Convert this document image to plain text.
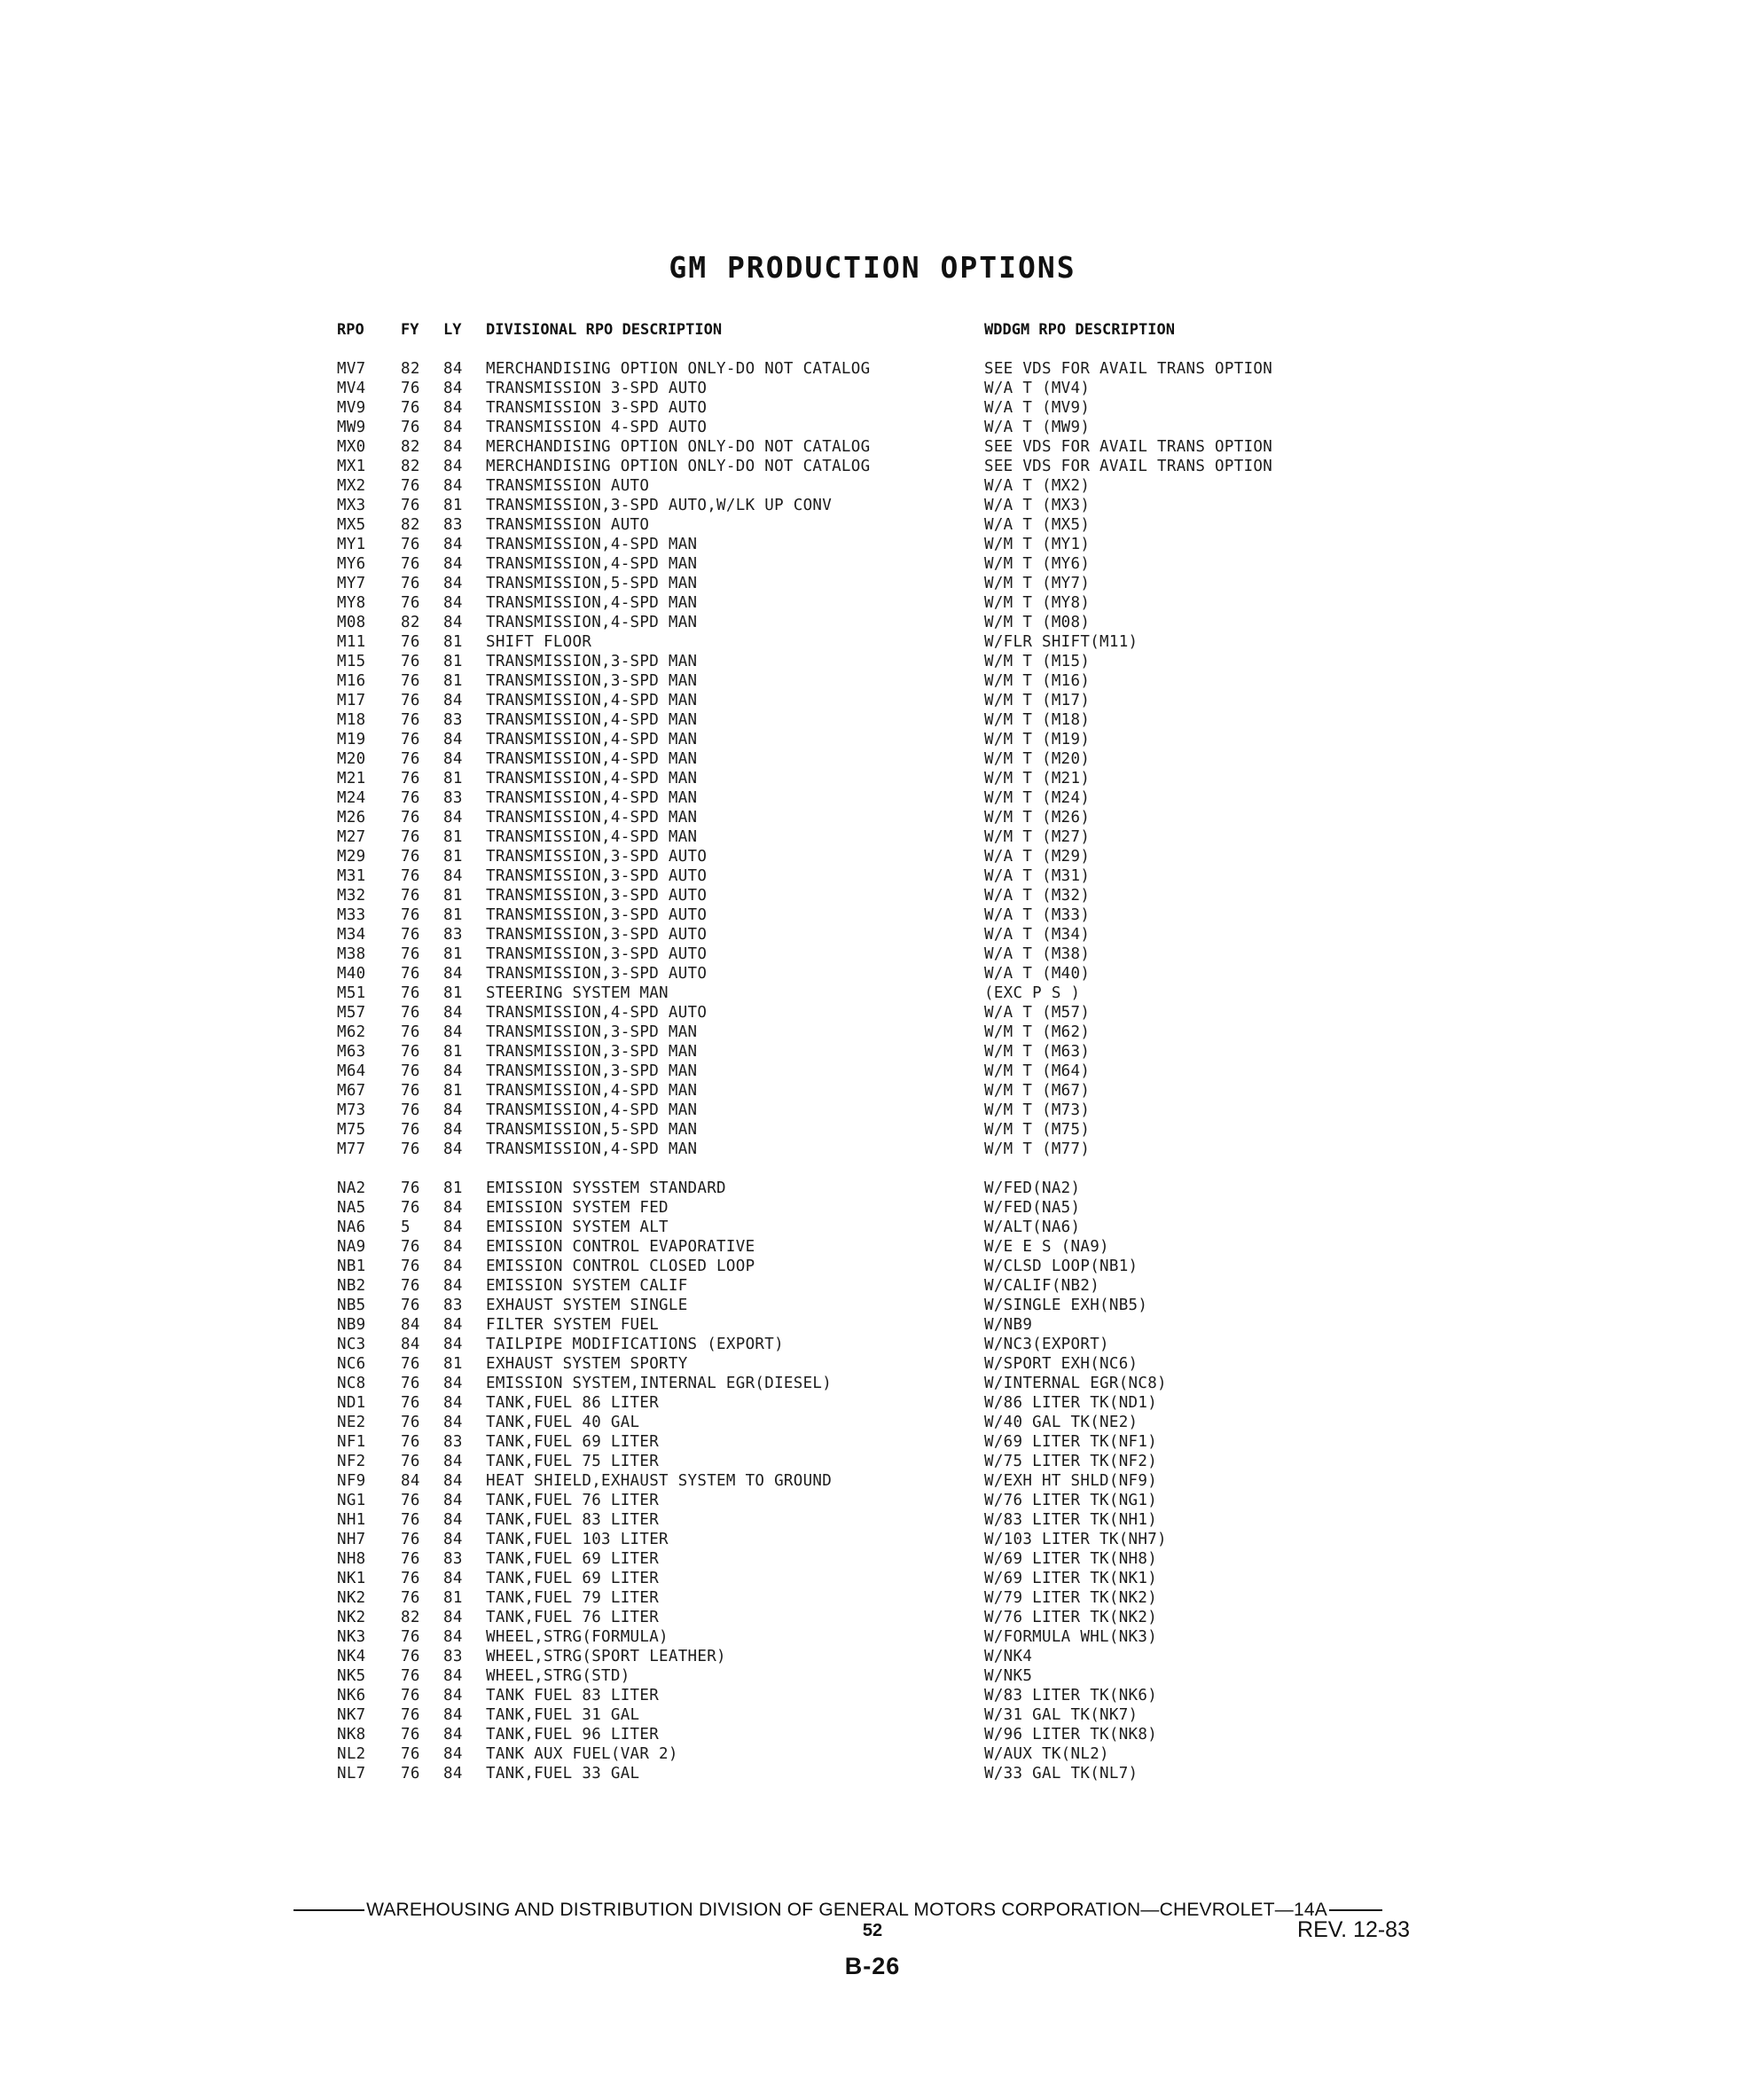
GM PRODUCTION OPTIONS
RPO FY LY DIVISIONAL RPO DESCRIPTION	WDDGM RPO DESCRIPTION
MV7 82 84 MERCHANDISING OPTION ONLY-DO NOT CATALOG	SEE VDS FOR AVAIL TRANS OPTION
MV4 76 84 TRANSMISSION 3-SPD AUTO	W/A T (MV4)
MV9 76 84 TRANSMISSION 3-SPD AUTO	W/A T (MV9)
MW9 76 84 TRANSMISSION 4-SPD AUTO	W/A T (MW9)
MX0 82 84 MERCHANDISING OPTION ONLY-DO NOT CATALOG	SEE VDS FOR AVAIL TRANS OPTION
MX1 82 84 MERCHANDISING OPTION ONLY-DO NOT CATALOG	SEE VDS FOR AVAIL TRANS OPTION
MX2 76 84 TRANSMISSION AUTO	W/A T (MX2)
MX3 76 81 TRANSMISSION,3-SPD AUTO,W/LK UP CONV	W/A T (MX3)
MX5 82 83 TRANSMISSION AUTO	W/A T (MX5)
MY1 76 84 TRANSMISSION,4-SPD MAN	W/M T (MY1)
MY6 76 84 TRANSMISSION,4-SPD MAN	W/M T (MY6)
MY7 76 84 TRANSMISSION,5-SPD MAN	W/M T (MY7)
MY8 76 84 TRANSMISSION,4-SPD MAN	W/M T (MY8)
M08 82 84 TRANSMISSION,4-SPD MAN	W/M T (M08)
M11 76 81 SHIFT FLOOR	W/FLR SHIFT(M11)
M15 76 81 TRANSMISSION,3-SPD MAN	W/M T (M15)
M16 76 81 TRANSMISSION,3-SPD MAN	W/M T (M16)
M17 76 84 TRANSMISSION,4-SPD MAN	W/M T (M17)
M18 76 83 TRANSMISSION,4-SPD MAN	W/M T (M18)
M19 76 84 TRANSMISSION,4-SPD MAN	W/M T (M19)
M20 76 84 TRANSMISSION,4-SPD MAN	W/M T (M20)
M21 76 81 TRANSMISSION,4-SPD MAN	W/M T (M21)
M24 76 83 TRANSMISSION,4-SPD MAN	W/M T (M24)
M26 76 84 TRANSMISSION,4-SPD MAN	W/M T (M26)
M27 76 81 TRANSMISSION,4-SPD MAN	W/M T (M27)
M29 76 81 TRANSMISSION,3-SPD AUTO	W/A T (M29)
M31 76 84 TRANSMISSION,3-SPD AUTO	W/A T (M31)
M32 76 81 TRANSMISSION,3-SPD AUTO	W/A T (M32)
M33 76 81 TRANSMISSION,3-SPD AUTO	W/A T (M33)
M34 76 83 TRANSMISSION,3-SPD AUTO	W/A T (M34)
M38 76 81 TRANSMISSION,3-SPD AUTO	W/A T (M38)
M40 76 84 TRANSMISSION,3-SPD AUTO	W/A T (M40)
M51 76 81 STEERING SYSTEM MAN	(EXC P S )
M57 76 84 TRANSMISSION,4-SPD AUTO	W/A T (M57)
M62 76 84 TRANSMISSION,3-SPD MAN	W/M T (M62)
M63 76 81 TRANSMISSION,3-SPD MAN	W/M T (M63)
M64 76 84 TRANSMISSION,3-SPD MAN	W/M T (M64)
M67 76 81 TRANSMISSION,4-SPD MAN	W/M T (M67)
M73 76 84 TRANSMISSION,4-SPD MAN	W/M T (M73)
M75 76 84 TRANSMISSION,5-SPD MAN	W/M T (M75)
M77 76 84 TRANSMISSION,4-SPD MAN	W/M T (M77)
NA2 76 81 EMISSION SYSSTEM STANDARD	W/FED(NA2)
NA5 76 84 EMISSION SYSTEM FED	W/FED(NA5)
NA6 5 84 EMISSION SYSTEM ALT	W/ALT(NA6)
NA9 76 84 EMISSION CONTROL EVAPORATIVE	W/E E S (NA9)
NB1 76 84 EMISSION CONTROL CLOSED LOOP	W/CLSD LOOP(NB1)
NB2 76 84 EMISSION SYSTEM CALIF	W/CALIF(NB2)
NB5 76 83 EXHAUST SYSTEM SINGLE	W/SINGLE EXH(NB5)
NB9 84 84 FILTER SYSTEM FUEL	W/NB9
NC3 84 84 TAILPIPE MODIFICATIONS (EXPORT)	W/NC3(EXPORT)
NC6 76 81 EXHAUST SYSTEM SPORTY	W/SPORT EXH(NC6)
NC8 76 84 EMISSION SYSTEM,INTERNAL EGR(DIESEL)	W/INTERNAL EGR(NC8)
ND1 76 84 TANK,FUEL 86 LITER	W/86 LITER TK(ND1)
NE2 76 84 TANK,FUEL 40 GAL	W/40 GAL TK(NE2)
NF1 76 83 TANK,FUEL 69 LITER	W/69 LITER TK(NF1)
NF2 76 84 TANK,FUEL 75 LITER	W/75 LITER TK(NF2)
NF9 84 84 HEAT SHIELD,EXHAUST SYSTEM TO GROUND	W/EXH HT SHLD(NF9)
NG1 76 84 TANK,FUEL 76 LITER	W/76 LITER TK(NG1)
NH1 76 84 TANK,FUEL 83 LITER	W/83 LITER TK(NH1)
NH7 76 84 TANK,FUEL 103 LITER	W/103 LITER TK(NH7)
NH8 76 83 TANK,FUEL 69 LITER	W/69 LITER TK(NH8)
NK1 76 84 TANK,FUEL 69 LITER	W/69 LITER TK(NK1)
NK2 76 81 TANK,FUEL 79 LITER	W/79 LITER TK(NK2)
NK2 82 84 TANK,FUEL 76 LITER	W/76 LITER TK(NK2)
NK3 76 84 WHEEL,STRG(FORMULA)	W/FORMULA WHL(NK3)
NK4 76 83 WHEEL,STRG(SPORT LEATHER)	W/NK4
NK5 76 84 WHEEL,STRG(STD)	W/NK5
NK6 76 84 TANK FUEL 83 LITER	W/83 LITER TK(NK6)
NK7 76 84 TANK,FUEL 31 GAL	W/31 GAL TK(NK7)
NK8 76 84 TANK,FUEL 96 LITER	W/96 LITER TK(NK8)
NL2 76 84 TANK AUX FUEL(VAR 2)	W/AUX TK(NL2)
NL7 76 84 TANK,FUEL 33 GAL	W/33 GAL TK(NL7)
WAREHOUSING AND DISTRIBUTION DIVISION OF GENERAL MOTORS CORPORATION—CHEVROLET—14A
52	REV. 12-83
B-26
